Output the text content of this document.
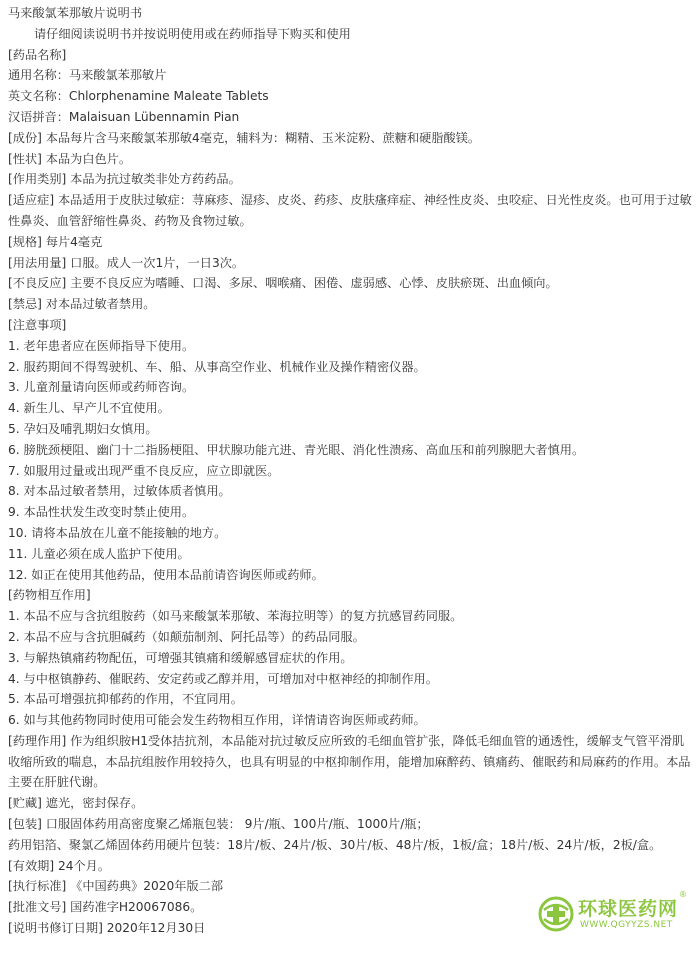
马来酸氯苯那敏片说明书
请仔细阅读说明书并按说明使用或在药师指导下购买和使用
[药品名称]
通用名称：马来酸氯苯那敏片
英文名称：Chlorphenamine Maleate Tablets
汉语拼音：Malaisuan Lübennamin Pian
[成份] 本品每片含马来酸氯苯那敏4毫克，辅料为：糊精、玉米淀粉、蔗糖和硬脂酸镁。
[性状] 本品为白色片。
[作用类别] 本品为抗过敏类非处方药药品。
[适应症] 本品适用于皮肤过敏症：荨麻疹、湿疹、皮炎、药疹、皮肤瘙痒症、神经性皮炎、虫咬症、日光性皮炎。也可用于过敏性鼻炎、血管舒缩性鼻炎、药物及食物过敏。
[规格] 每片4毫克
[用法用量] 口服。成人一次1片，一日3次。
[不良反应] 主要不良反应为嗜睡、口渴、多尿、咽喉痛、困倦、虚弱感、心悸、皮肤瘀斑、出血倾向。
[禁忌] 对本品过敏者禁用。
[注意事项]
1. 老年患者应在医师指导下使用。
2. 服药期间不得驾驶机、车、船、从事高空作业、机械作业及操作精密仪器。
3. 儿童剂量请向医师或药师咨询。
4. 新生儿、早产儿不宜使用。
5. 孕妇及哺乳期妇女慎用。
6. 膀胱颈梗阻、幽门十二指肠梗阻、甲状腺功能亢进、青光眼、消化性溃疡、高血压和前列腺肥大者慎用。
7. 如服用过量或出现严重不良反应，应立即就医。
8. 对本品过敏者禁用，过敏体质者慎用。
9. 本品性状发生改变时禁止使用。
10. 请将本品放在儿童不能接触的地方。
11. 儿童必须在成人监护下使用。
12. 如正在使用其他药品，使用本品前请咨询医师或药师。
[药物相互作用]
1. 本品不应与含抗组胺药（如马来酸氯苯那敏、苯海拉明等）的复方抗感冒药同服。
2. 本品不应与含抗胆碱药（如颠茄制剂、阿托品等）的药品同服。
3. 与解热镇痛药物配伍，可增强其镇痛和缓解感冒症状的作用。
4. 与中枢镇静药、催眠药、安定药或乙醇并用，可增加对中枢神经的抑制作用。
5. 本品可增强抗抑郁药的作用，不宜同用。
6. 如与其他药物同时使用可能会发生药物相互作用，详情请咨询医师或药师。
[药理作用] 作为组织胺H1受体拮抗剂，本品能对抗过敏反应所致的毛细血管扩张，降低毛细血管的通透性，缓解支气管平滑肌收缩所致的喘息，本品抗组胺作用较持久，也具有明显的中枢抑制作用，能增加麻醉药、镇痛药、催眠药和局麻药的作用。本品主要在肝脏代谢。
[贮藏] 遮光，密封保存。
[包装] 口服固体药用高密度聚乙烯瓶包装： 9片/瓶、100片/瓶、1000片/瓶；
药用铝箔、聚氯乙烯固体药用硬片包装：18片/板、24片/板、30片/板、48片/板，1板/盒；18片/板、24片/板，2板/盒。
[有效期] 24个月。
[执行标准] 《中国药典》2020年版二部
[批准文号] 国药准字H20067086。
[说明书修订日期] 2020年12月30日
环球医药网
®
WWW.QGYYZS.NET
